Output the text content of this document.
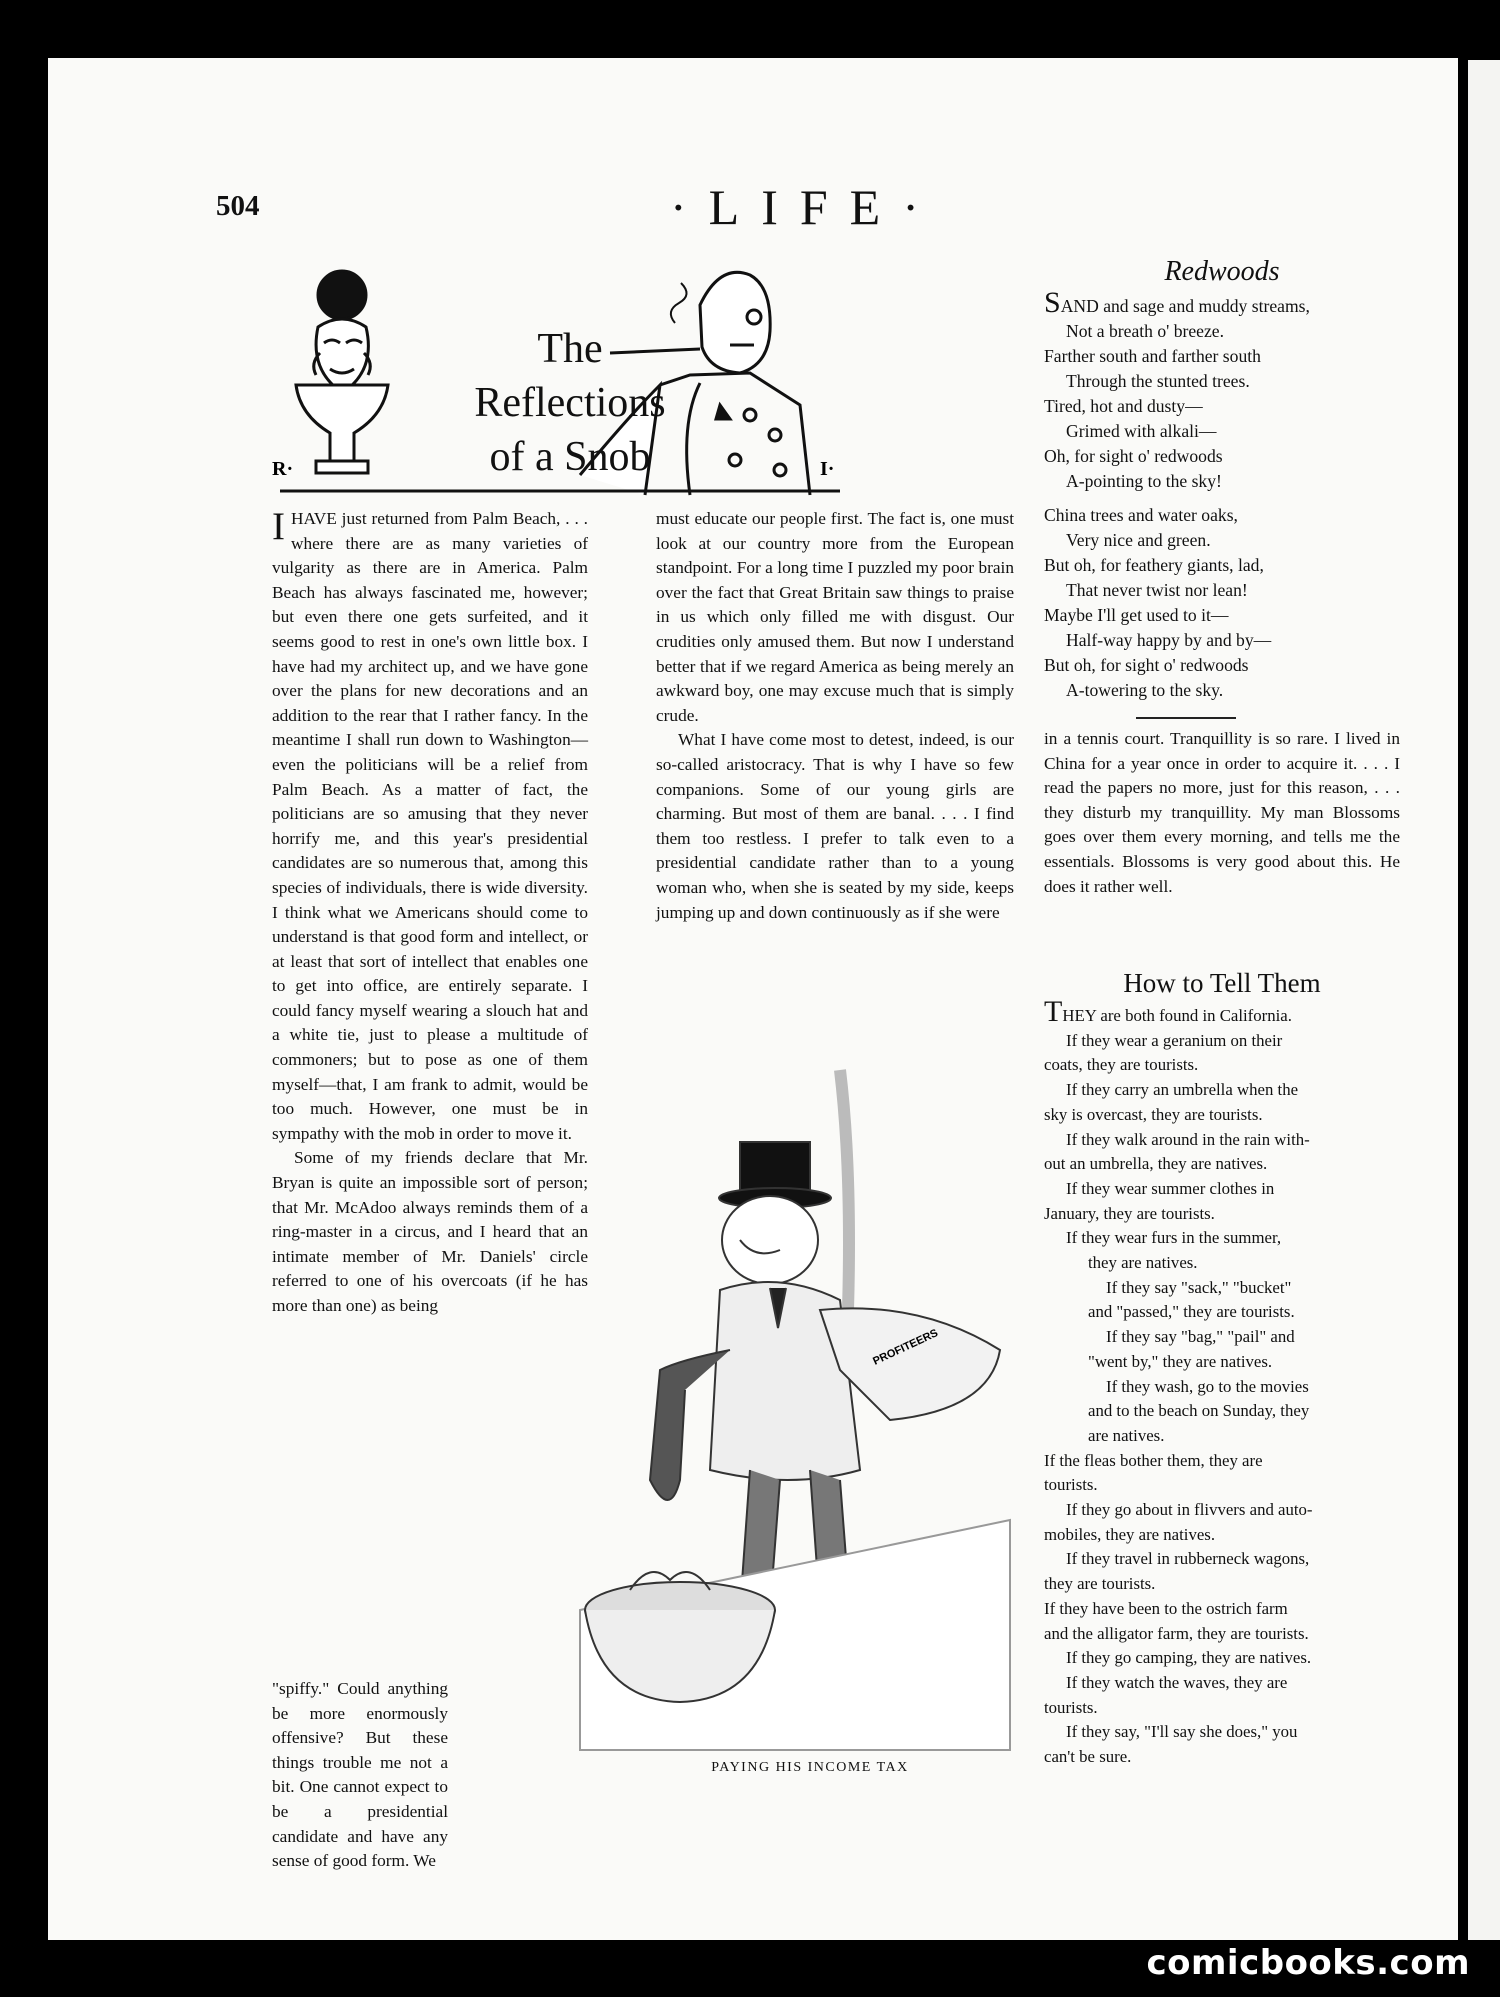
504	·LIFE·
R·	I·
The Reflections
of a Snob

IHAVE just returned from Palm Beach, . . . where there are as many varieties of vulgarity as there are in America. Palm Beach has always fascinated me, however; but even there one gets surfeited, and it seems good to rest in one's own little box. I have had my architect up, and we have gone over the plans for new decorations and an addition to the rear that I rather fancy. In the meantime I shall run down to Washington—even the politicians will be a relief from Palm Beach. As a matter of fact, the politicians are so amusing that they never horrify me, and this year's presidential candidates are so numerous that, among this species of individuals, there is wide diversity. I think what we Americans should come to understand is that good form and intellect, or at least that sort of intellect that enables one to get into office, are entirely separate. I could fancy myself wearing a slouch hat and a white tie, just to please a multitude of commoners; but to pose as one of them myself—that, I am frank to admit, would be too much. However, one must be in sympathy with the mob in order to move it.

Some of my friends declare that Mr. Bryan is quite an impossible sort of person; that Mr. McAdoo always reminds them of a ring-master in a circus, and I heard that an intimate member of Mr. Daniels' circle referred to one of his overcoats (if he has more than one) as being

"spiffy." Could anything be more enormously offensive? But these things trouble me not a bit. One cannot expect to be a presidential candidate and have any sense of good form. We

must educate our people first. The fact is, one must look at our country more from the European standpoint. For a long time I puzzled my poor brain over the fact that Great Britain saw things to praise in us which only filled me with disgust. Our crudities only amused them. But now I understand better that if we regard America as being merely an awkward boy, one may excuse much that is simply crude.

What I have come most to detest, indeed, is our so-called aristocracy. That is why I have so few companions. Some of our young girls are charming. But most of them are banal. . . . I find them too restless. I prefer to talk even to a presidential candidate rather than to a young woman who, when she is seated by my side, keeps jumping up and down continuously as if she were

Redwoods
SAND and sage and muddy streams,
Not a breath o' breeze.
Farther south and farther south
Through the stunted trees.
Tired, hot and dusty—
Grimed with alkali—
Oh, for sight o' redwoods
A-pointing to the sky!
China trees and water oaks,
Very nice and green.
But oh, for feathery giants, lad,
That never twist nor lean!
Maybe I'll get used to it—
Half-way happy by and by—
But oh, for sight o' redwoods
A-towering to the sky.

in a tennis court. Tranquillity is so rare. I lived in China for a year once in order to acquire it. . . . I read the papers no more, just for this reason, . . . they disturb my tranquillity. My man Blossoms goes over them every morning, and tells me the essentials. Blossoms is very good about this. He does it rather well.

How to Tell Them
THEY are both found in California.
If they wear a geranium on their
coats, they are tourists.
If they carry an umbrella when the
sky is overcast, they are tourists.
If they walk around in the rain with-
out an umbrella, they are natives.
If they wear summer clothes in
January, they are tourists.
If they wear furs in the summer,
they are natives.
If they say "sack," "bucket"
and "passed," they are tourists.
If they say "bag," "pail" and
"went by," they are natives.
If they wash, go to the movies
and to the beach on Sunday, they
are natives.
If the fleas bother them, they are
tourists.
If they go about in flivvers and auto-
mobiles, they are natives.
If they travel in rubberneck wagons,
they are tourists.
If they have been to the ostrich farm
and the alligator farm, they are tourists.
If they go camping, they are natives.
If they watch the waves, they are
tourists.
If they say, "I'll say she does," you
can't be sure.
PROFITEERS
PAYING HIS INCOME TAX
comicbooks.com
